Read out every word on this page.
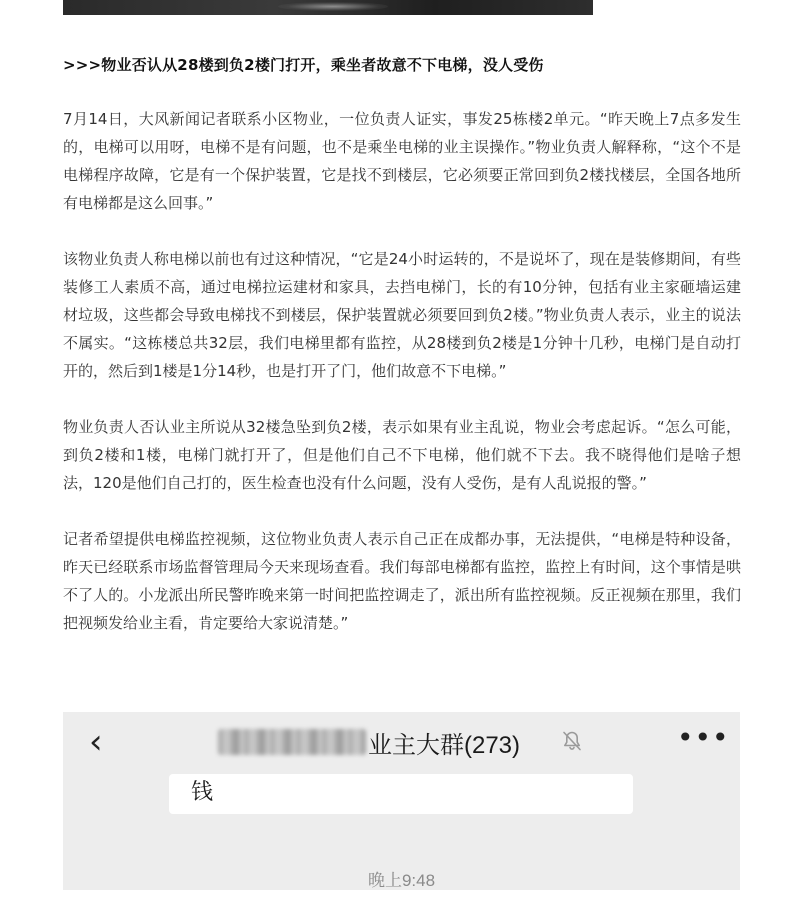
>>>物业否认从28楼到负2楼门打开，乘坐者故意不下电梯，没人受伤

7月14日，大风新闻记者联系小区物业，一位负责人证实，事发25栋楼2单元。“昨天晚上7点多发生的，电梯可以用呀，电梯不是有问题，也不是乘坐电梯的业主误操作。”物业负责人解释称，“这个不是电梯程序故障，它是有一个保护装置，它是找不到楼层，它必须要正常回到负2楼找楼层，全国各地所有电梯都是这么回事。”

该物业负责人称电梯以前也有过这种情况，“它是24小时运转的，不是说坏了，现在是装修期间，有些装修工人素质不高，通过电梯拉运建材和家具，去挡电梯门，长的有10分钟，包括有业主家砸墙运建材垃圾，这些都会导致电梯找不到楼层，保护装置就必须要回到负2楼。”物业负责人表示，业主的说法不属实。“这栋楼总共32层，我们电梯里都有监控，从28楼到负2楼是1分钟十几秒，电梯门是自动打开的，然后到1楼是1分14秒，也是打开了门，他们故意不下电梯。”

物业负责人否认业主所说从32楼急坠到负2楼，表示如果有业主乱说，物业会考虑起诉。“怎么可能，到负2楼和1楼，电梯门就打开了，但是他们自己不下电梯，他们就不下去。我不晓得他们是啥子想法，120是他们自己打的，医生检查也没有什么问题，没有人受伤，是有人乱说报的警。”

记者希望提供电梯监控视频，这位物业负责人表示自己正在成都办事，无法提供，“电梯是特种设备，昨天已经联系市场监督管理局今天来现场查看。我们每部电梯都有监控，监控上有时间，这个事情是哄不了人的。小龙派出所民警昨晚来第一时间把监控调走了，派出所有监控视频。反正视频在那里，我们把视频发给业主看，肯定要给大家说清楚。”

‹	业主大群(273)	•••
钱
晚上9:48
